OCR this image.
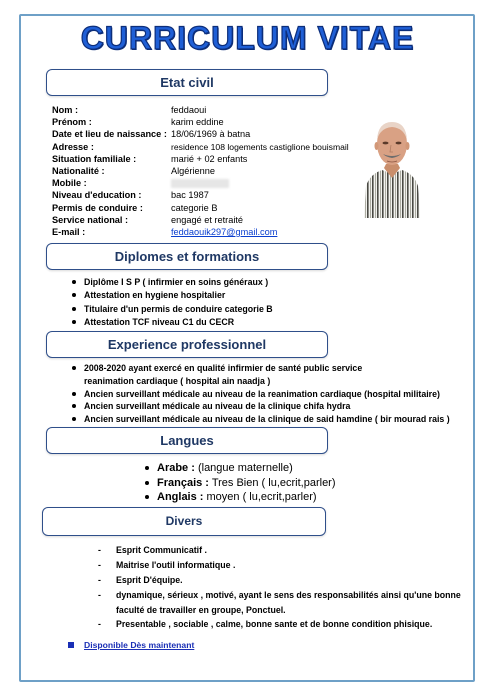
CURRICULUM VITAE
Etat civil
Nom :	feddaoui
Prénom :	karim eddine
Date et lieu de naissance : 18/06/1969 à batna
Adresse :	residence 108 logements castiglione bouismail
Situation familiale :	marié + 02 enfants
Nationalité :	Algérienne
Mobile :
Niveau d'education :	bac 1987
Permis de conduire :	categorie B
Service national :	engagé et retraité
E-mail :	feddaouik297@gmail.com
Diplomes et formations
Diplôme I S P ( infirmier en soins généraux )
Attestation en hygiene hospitalier
Titulaire d'un permis de conduire categorie B
Attestation TCF niveau C1 du CECR
Experience professionnel
2008-2020 ayant exercé en qualité infirmier de santé public service reanimation cardiaque ( hospital ain naadja )
Ancien surveillant médicale au niveau de la reanimation cardiaque (hospital militaire)
Ancien surveillant médicale au niveau de la clinique chifa hydra
Ancien surveillant médicale au niveau de la clinique de said hamdine ( bir mourad rais )
Langues
Arabe : (langue maternelle)
Français : Tres Bien ( lu,ecrit,parler)
Anglais : moyen ( lu,ecrit,parler)
Divers
- Esprit Communicatif .
- Maitrise l'outil informatique .
- Esprit D'équipe.
- dynamique, sérieux , motivé, ayant le sens des responsabilités ainsi qu'une bonne faculté de travailler en groupe, Ponctuel.
- Presentable , sociable , calme, bonne sante et de bonne condition phisique.
Disponible Dès maintenant
